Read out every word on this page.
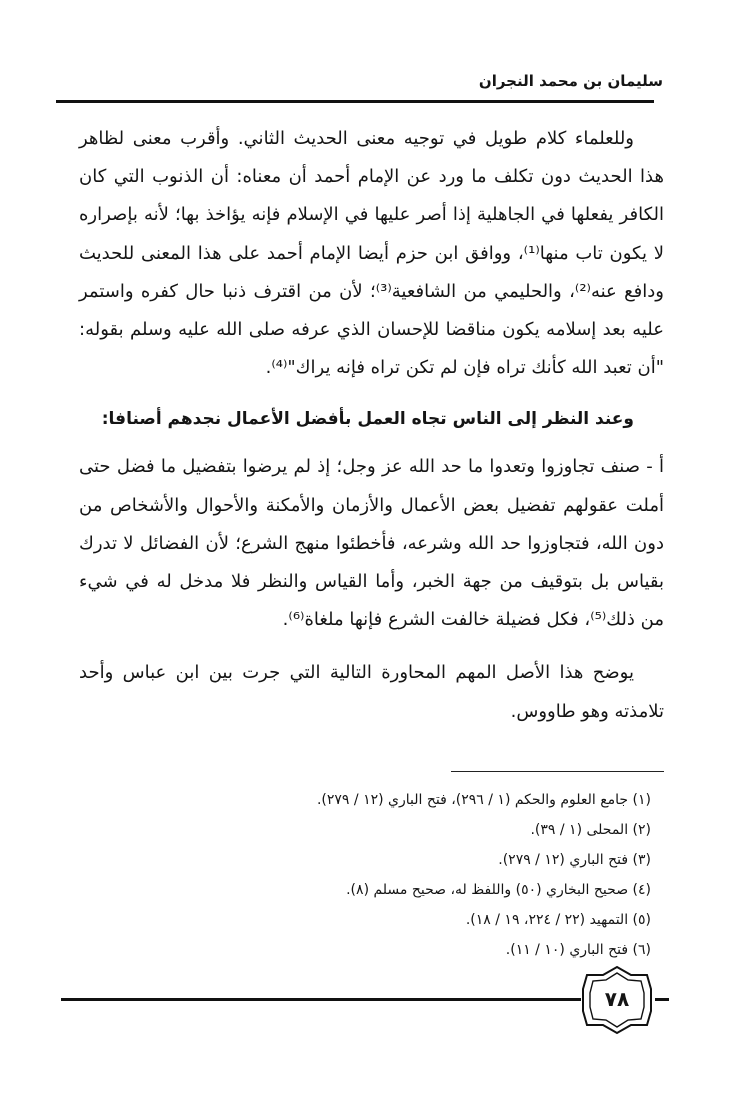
سليمان بن محمد النجران

وللعلماء كلام طويل في توجيه معنى الحديث الثاني. وأقرب معنى لظاهر هذا الحديث دون تكلف ما ورد عن الإمام أحمد أن معناه: أن الذنوب التي كان الكافر يفعلها في الجاهلية إذا أصر عليها في الإسلام فإنه يؤاخذ بها؛ لأنه بإصراره لا يكون تاب منها⁽¹⁾، ووافق ابن حزم أيضا الإمام أحمد على هذا المعنى للحديث ودافع عنه⁽²⁾، والحليمي من الشافعية⁽³⁾؛ لأن من اقترف ذنبا حال كفره واستمر عليه بعد إسلامه يكون مناقضا للإحسان الذي عرفه صلى الله عليه وسلم بقوله: "أن تعبد الله كأنك تراه فإن لم تكن تراه فإنه يراك"⁽⁴⁾.

وعند النظر إلى الناس تجاه العمل بأفضل الأعمال نجدهم أصنافا:

أ - صنف تجاوزوا وتعدوا ما حد الله عز وجل؛ إذ لم يرضوا بتفضيل ما فضل حتى أملت عقولهم تفضيل بعض الأعمال والأزمان والأمكنة والأحوال والأشخاص من دون الله، فتجاوزوا حد الله وشرعه، فأخطئوا منهج الشرع؛ لأن الفضائل لا تدرك بقياس بل بتوقيف من جهة الخبر، وأما القياس والنظر فلا مدخل له في شيء من ذلك⁽⁵⁾، فكل فضيلة خالفت الشرع فإنها ملغاة⁽⁶⁾.

يوضح هذا الأصل المهم المحاورة التالية التي جرت بين ابن عباس وأحد تلامذته وهو طاووس.

(١) جامع العلوم والحكم (١ / ٢٩٦)، فتح الباري (١٢ / ٢٧٩).

(٢) المحلى (١ / ٣٩).

(٣) فتح الباري (١٢ / ٢٧٩).

(٤) صحيح البخاري (٥٠) واللفظ له، صحيح مسلم (٨).

(٥) التمهيد (٢٢ / ٢٢٤، ١٩ / ١٨).

(٦) فتح الباري (١٠ / ١١).

٧٨
